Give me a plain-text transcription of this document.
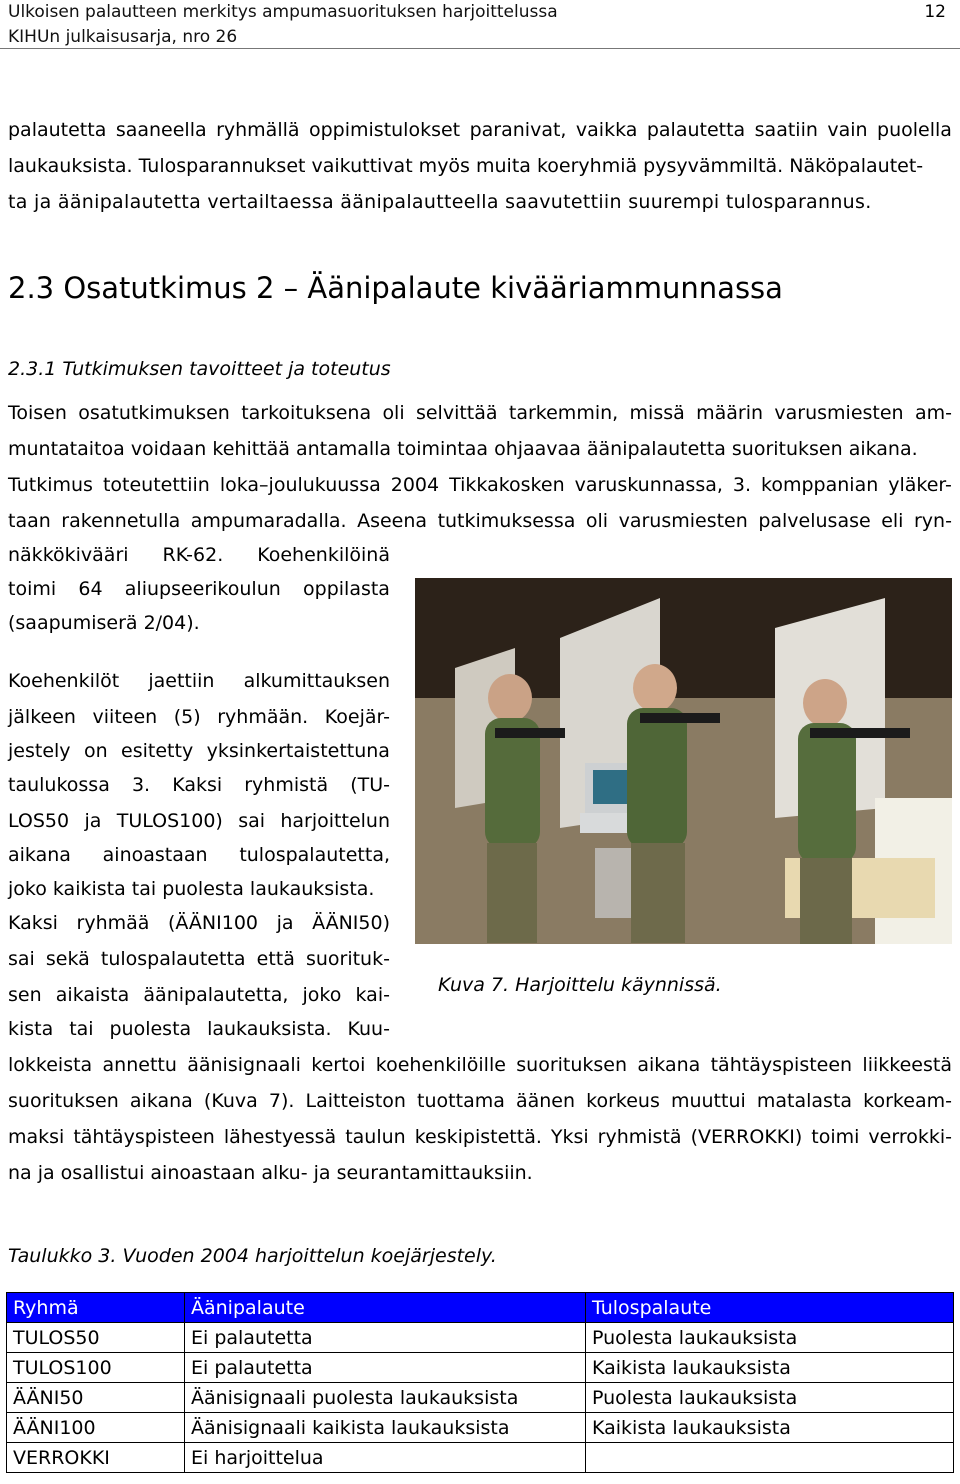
Ulkoisen palautteen merkitys ampumasuorituksen harjoittelussa
KIHUn julkaisusarja, nro 26
12
palautetta saaneella ryhmällä oppimistulokset paranivat, vaikka palautetta saatiin vain puolella
laukauksista. Tulosparannukset vaikuttivat myös muita koeryhmiä pysyvämmiltä. Näköpalautet-
ta ja äänipalautetta vertailtaessa äänipalautteella saavutettiin suurempi tulosparannus.
2.3 Osatutkimus 2 – Äänipalaute kivääriammunnassa
2.3.1 Tutkimuksen tavoitteet ja toteutus
Toisen osatutkimuksen tarkoituksena oli selvittää tarkemmin, missä määrin varusmiesten am-
muntataitoa voidaan kehittää antamalla toimintaa ohjaavaa äänipalautetta suorituksen aikana.
Tutkimus toteutettiin loka–joulukuussa 2004 Tikkakosken varuskunnassa, 3. komppanian yläker-
taan rakennetulla ampumaradalla. Aseena tutkimuksessa oli varusmiesten palvelusase eli ryn-
näkkökivääri RK-62. Koehenkilöinä
toimi 64 aliupseerikoulun oppilasta
(saapumiserä 2/04).
Koehenkilöt jaettiin alkumittauksen
jälkeen viiteen (5) ryhmään. Koejär-
jestely on esitetty yksinkertaistettuna
taulukossa 3. Kaksi ryhmistä (TU-
LOS50 ja TULOS100) sai harjoittelun
aikana ainoastaan tulospalautetta,
joko kaikista tai puolesta laukauksista.
Kaksi ryhmää (ÄÄNI100 ja ÄÄNI50)
sai sekä tulospalautetta että suorituk-
sen aikaista äänipalautetta, joko kai-
kista tai puolesta laukauksista. Kuu-
lokkeista annettu äänisignaali kertoi koehenkilöille suorituksen aikana tähtäyspisteen liikkeestä
suorituksen aikana (Kuva 7). Laitteiston tuottama äänen korkeus muuttui matalasta korkeam-
maksi tähtäyspisteen lähestyessä taulun keskipistettä. Yksi ryhmistä (VERROKKI) toimi verrokki-
na ja osallistui ainoastaan alku- ja seurantamittauksiin.
Kuva 7. Harjoittelu käynnissä.
Taulukko 3. Vuoden 2004 harjoittelun koejärjestely.
Ryhmä	Äänipalaute	Tulospalaute
TULOS50	Ei palautetta	Puolesta laukauksista
TULOS100	Ei palautetta	Kaikista laukauksista
ÄÄNI50	Äänisignaali puolesta laukauksista	Puolesta laukauksista
ÄÄNI100	Äänisignaali kaikista laukauksista	Kaikista laukauksista
VERROKKI	Ei harjoittelua	
